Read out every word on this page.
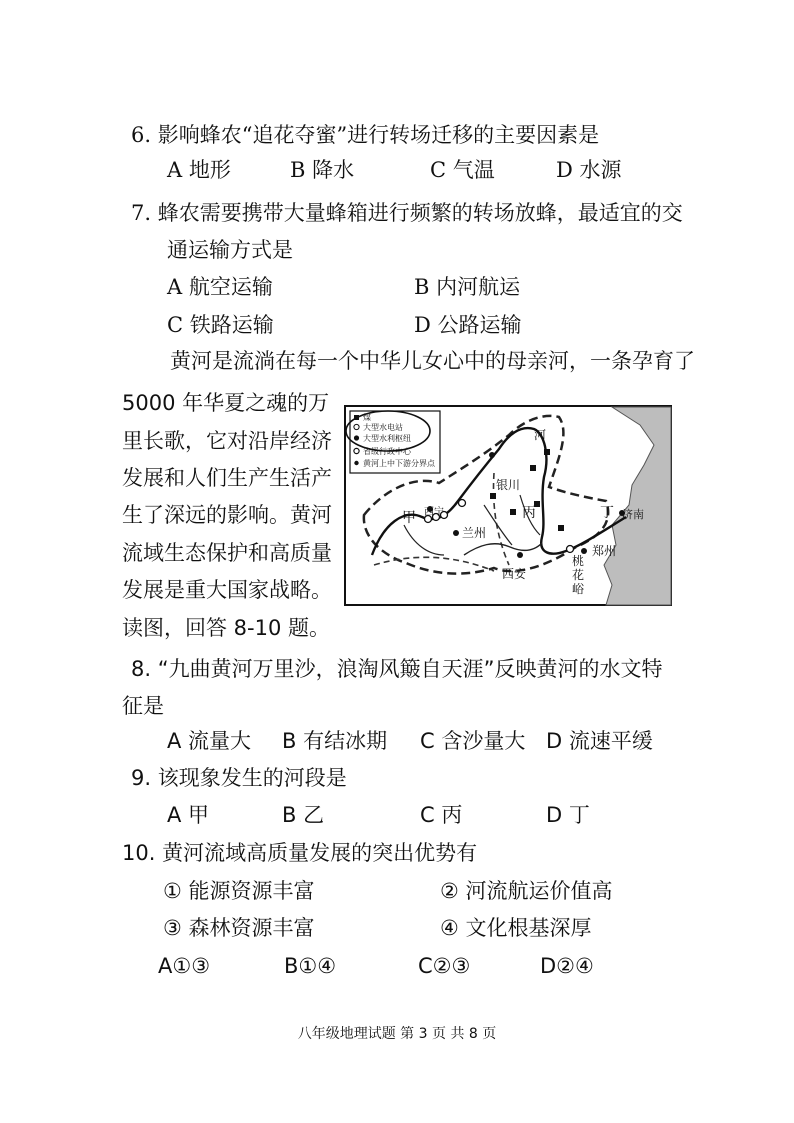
6. 影响蜂农“追花夺蜜”进行转场迁移的主要因素是
A 地形	B 降水	C 气温	D 水源
7. 蜂农需要携带大量蜂箱进行频繁的转场放蜂，最适宜的交
通运输方式是
A 航空运输	B 内河航运
C 铁路运输	D 公路运输
黄河是流淌在每一个中华儿女心中的母亲河，一条孕育了
5000 年华夏之魂的万
里长歌，它对沿岸经济
发展和人们生产生活产
生了深远的影响。黄河
流域生态保护和高质量
发展是重大国家战略。
读图，回答 8-10 题。
煤
大型水电站
大型水利枢纽
省级行政中心
黄河上中下游分界点
河
银川
丙
兰州
甲 西宁
西安
郑州
丁 济南
桃 花 峪
8. “九曲黄河万里沙，浪淘风簸自天涯”反映黄河的水文特
征是
A 流量大 B 有结冰期 C 含沙量大 D 流速平缓
9. 该现象发生的河段是
A 甲	B 乙	C 丙	D 丁
10. 黄河流域高质量发展的突出优势有
① 能源资源丰富	② 河流航运价值高
③ 森林资源丰富	④ 文化根基深厚
A①③	B①④	C②③	D②④
八年级地理试题 第 3 页 共 8 页
